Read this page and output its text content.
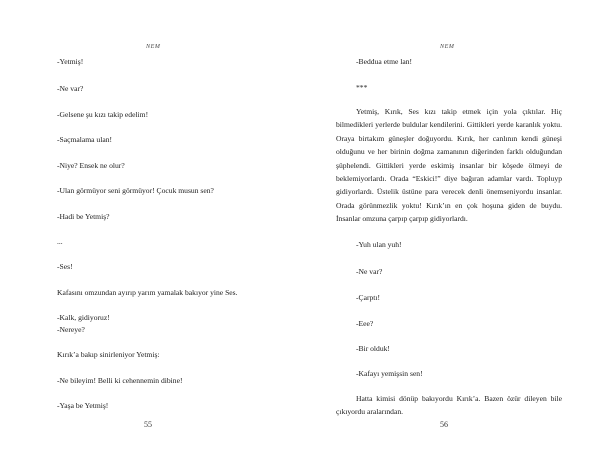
NEM
-Yetmiş!
-Ne var?
-Gelsene şu kızı takip edelim!
-Saçmalama ulan!
-Niye? Ensek ne olur?
-Ulan görmüyor seni görmüyor! Çocuk musun sen?
-Hadi be Yetmiş?
...
-Ses!
Kafasını omzundan ayırıp yarım yamalak bakıyor yine Ses.
-Kalk, gidiyoruz!
-Nereye?
Kırık’a bakıp sinirleniyor Yetmiş:
-Ne bileyim! Belli ki cehennemin dibine!
-Yaşa be Yetmiş!
55
NEM
-Beddua etme lan!
***
Yetmiş, Kırık, Ses kızı takip etmek için yola çıktılar. Hiç bilmedikleri yerlerde buldular kendilerini. Gittikleri yerde karanlık yoktu. Oraya birtakım güneşler doğuyordu. Kırık, her canlının kendi güneşi olduğunu ve her birinin doğma zamanının diğerinden farklı olduğundan şüphelendi. Gittikleri yerde eskimiş insanlar bir köşede ölmeyi de beklemiyorlardı. Orada “Eskici!” diye bağıran adamlar vardı. Topluyp gidiyorlardı. Üstelik üstüne para verecek denli önemseniyordu insanlar. Orada görünmezlik yoktu! Kırık’ın en çok hoşuna giden de buydu. İnsanlar omzuna çarpıp çarpıp gidiyorlardı.
-Yuh ulan yuh!
-Ne var?
-Çarptı!
-Eee?
-Bir olduk!
-Kafayı yemişsin sen!
Hatta kimisi dönüp bakıyordu Kırık’a. Bazen özür dileyen bile çıkıyordu aralarından.
56
